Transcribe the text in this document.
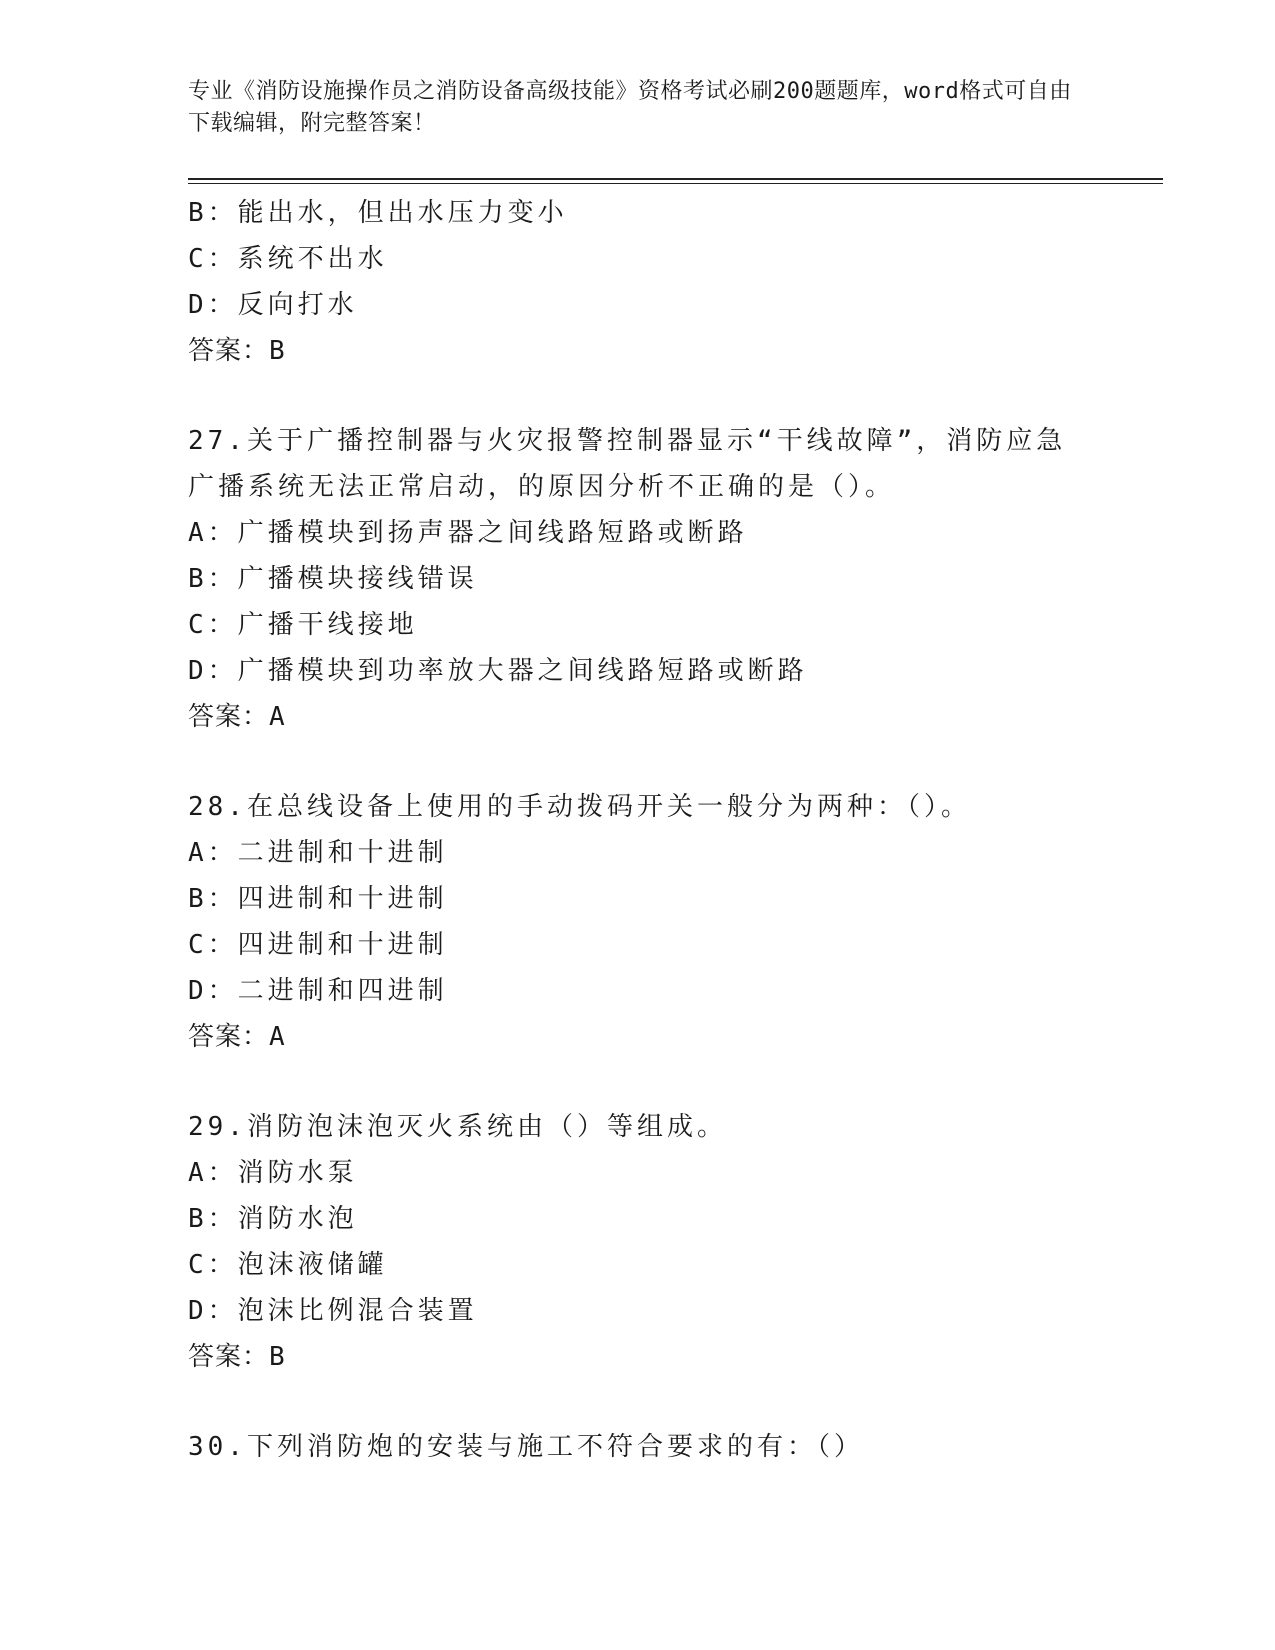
专业《消防设施操作员之消防设备高级技能》资格考试必刷200题题库，word格式可自由下载编辑，附完整答案！
B：能出水，但出水压力变小
C：系统不出水
D：反向打水
答案：B
27.关于广播控制器与火灾报警控制器显示“干线故障”，消防应急广播系统无法正常启动，的原因分析不正确的是（）。
A：广播模块到扬声器之间线路短路或断路
B：广播模块接线错误
C：广播干线接地
D：广播模块到功率放大器之间线路短路或断路
答案：A
28.在总线设备上使用的手动拨码开关一般分为两种：（）。
A：二进制和十进制
B：四进制和十进制
C：四进制和十进制
D：二进制和四进制
答案：A
29.消防泡沫泡灭火系统由（）等组成。
A：消防水泵
B：消防水泡
C：泡沫液储罐
D：泡沫比例混合装置
答案：B
30.下列消防炮的安装与施工不符合要求的有：（）
